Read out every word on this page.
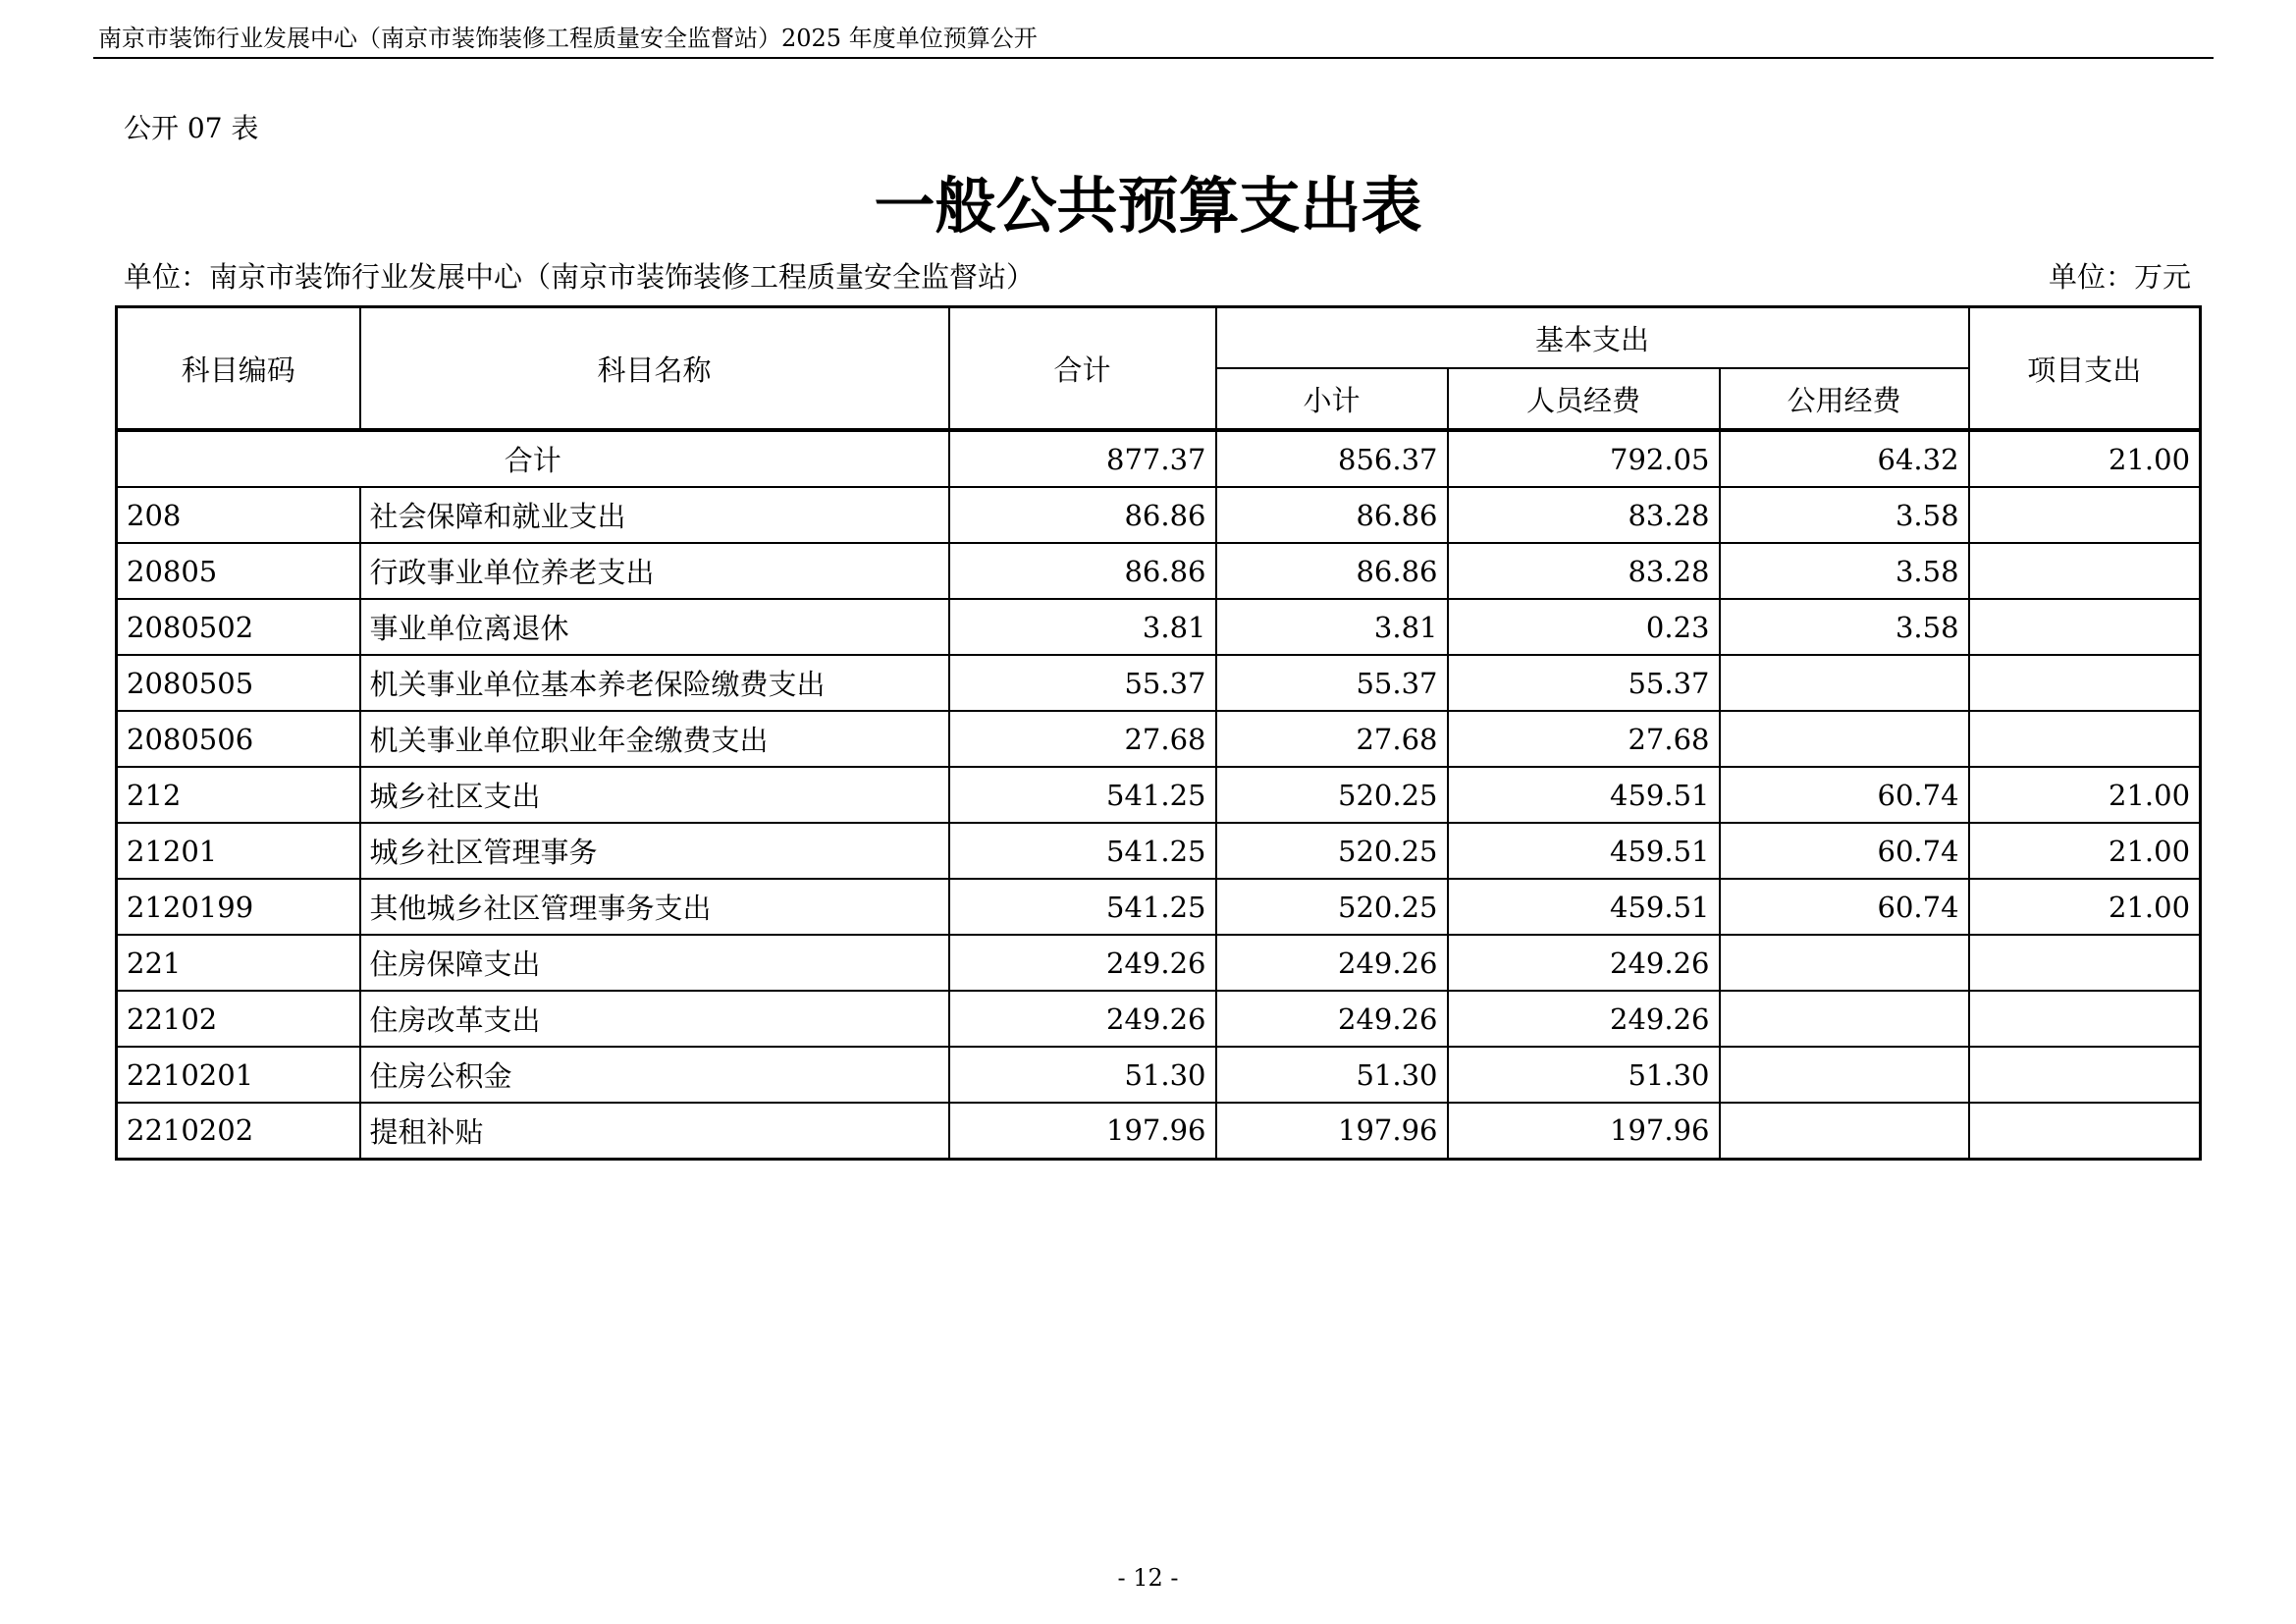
南京市装饰行业发展中心（南京市装饰装修工程质量安全监督站）2025 年度单位预算公开
公开 07 表
一般公共预算支出表
单位：南京市装饰行业发展中心（南京市装饰装修工程质量安全监督站）	单位：万元
科目编码	科目名称	合计	基本支出			项目支出
			小计	人员经费	公用经费	
合计		877.37	856.37	792.05	64.32	21.00
208	社会保障和就业支出	86.86	86.86	83.28	3.58	
20805	行政事业单位养老支出	86.86	86.86	83.28	3.58	
2080502	事业单位离退休	3.81	3.81	0.23	3.58	
2080505	机关事业单位基本养老保险缴费支出	55.37	55.37	55.37		
2080506	机关事业单位职业年金缴费支出	27.68	27.68	27.68		
212	城乡社区支出	541.25	520.25	459.51	60.74	21.00
21201	城乡社区管理事务	541.25	520.25	459.51	60.74	21.00
2120199	其他城乡社区管理事务支出	541.25	520.25	459.51	60.74	21.00
221	住房保障支出	249.26	249.26	249.26		
22102	住房改革支出	249.26	249.26	249.26		
2210201	住房公积金	51.30	51.30	51.30		
2210202	提租补贴	197.96	197.96	197.96		
- 12 -
